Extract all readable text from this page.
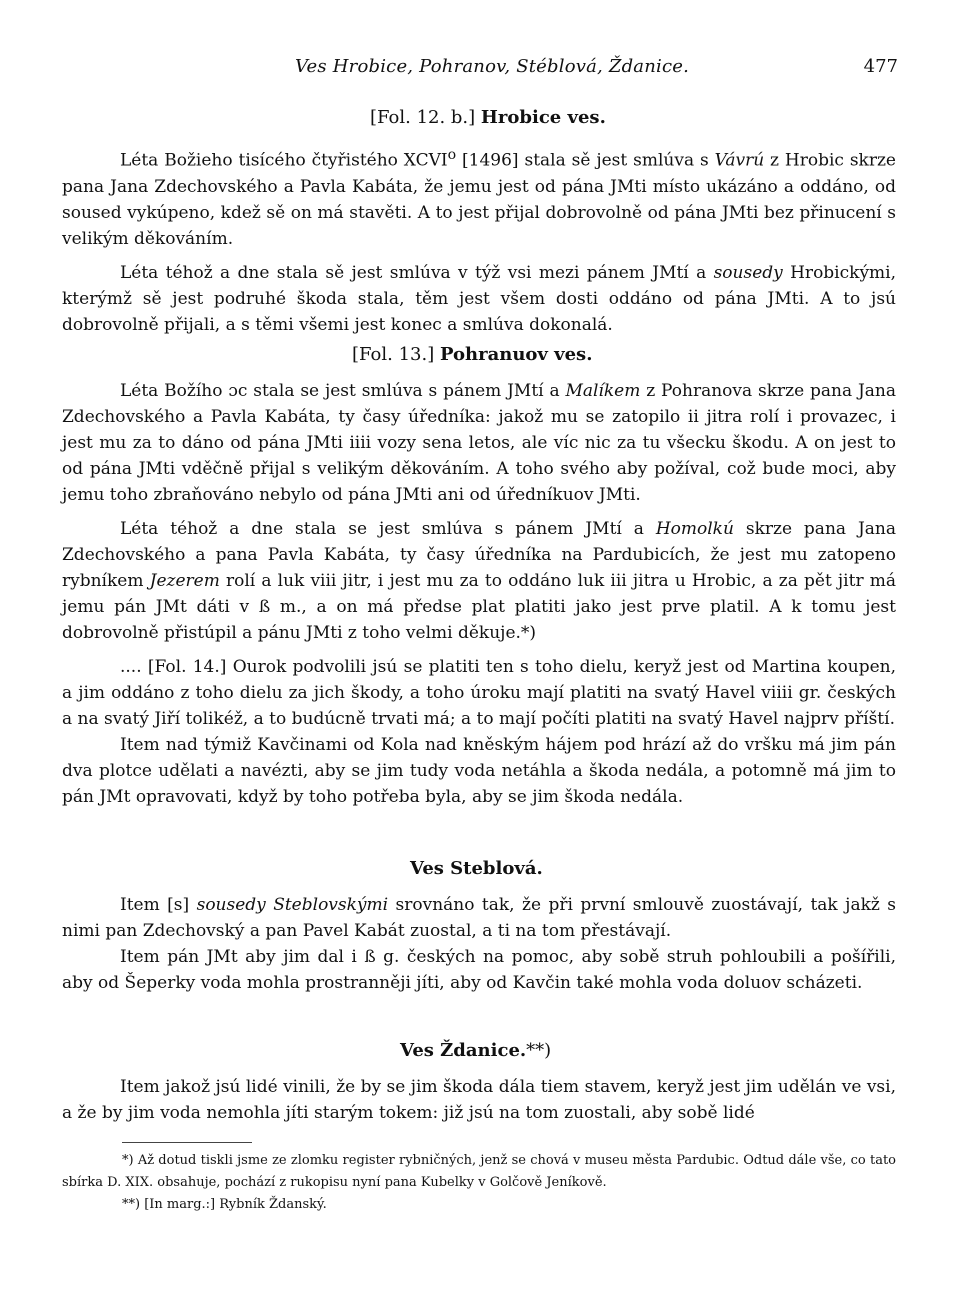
Ves Hrobice, Pohranov, Stéblová, Ždanice.	477
[Fol. 12. b.] Hrobice ves.

Léta Božieho tisícého čtyřistého XCVI$^o$ [1496] stala sě jest smlúva s Vávrú z Hrobic skrze pana Jana Zdechovského a Pavla Kabáta, že jemu jest od pána JMti místo ukázáno a oddáno, od soused vykúpeno, kdež sě on má stavěti. A to jest přijal dobrovolně od pána JMti bez přinucení s velikým děkováním.

Léta téhož a dne stala sě jest smlúva v týž vsi mezi pánem JMtí a sousedy Hrobickými, kterýmž sě jest podruhé škoda stala, těm jest všem dosti oddáno od pána JMti. A to jsú dobrovolně přijali, a s těmi všemi jest konec a smlúva dokonalá.

[Fol. 13.] Pohranuov ves.

Léta Božího ɔc stala se jest smlúva s pánem JMtí a Malíkem z Pohranova skrze pana Jana Zdechovského a Pavla Kabáta, ty časy úředníka: jakož mu se zatopilo ii jitra rolí i provazec, i jest mu za to dáno od pána JMti iiii vozy sena letos, ale víc nic za tu všecku škodu. A on jest to od pána JMti vděčně přijal s velikým děkováním. A toho svého aby požíval, což bude moci, aby jemu toho zbraňováno nebylo od pána JMti ani od úředníkuov JMti.

Léta téhož a dne stala se jest smlúva s pánem JMtí a Homolkú skrze pana Jana Zdechovského a pana Pavla Kabáta, ty časy úředníka na Pardubicích, že jest mu zatopeno rybníkem Jezerem rolí a luk viii jitr, i jest mu za to oddáno luk iii jitra u Hrobic, a za pět jitr má jemu pán JMt dáti v ß m., a on má předse plat platiti jako jest prve platil. A k tomu jest dobrovolně přistúpil a pánu JMti z toho velmi děkuje.*)

.... [Fol. 14.] Ourok podvolili jsú se platiti ten s toho dielu, keryž jest od Martina koupen, a jim oddáno z toho dielu za jich škody, a toho úroku mají platiti na svatý Havel viiii gr. českých a na svatý Jiří tolikéž, a to budúcně trvati má; a to mají počíti platiti na svatý Havel najprv příští.

Item nad týmiž Kavčinami od Kola nad kněským hájem pod hrází až do vršku má jim pán dva plotce udělati a navézti, aby se jim tudy voda netáhla a škoda nedála, a potomně má jim to pán JMt opravovati, když by toho potřeba byla, aby se jim škoda nedála.

Ves Steblová.

Item [s] sousedy Steblovskými srovnáno tak, že při první smlouvě zuostávají, tak jakž s nimi pan Zdechovský a pan Pavel Kabát zuostal, a ti na tom přestávají.

Item pán JMt aby jim dal i ß g. českých na pomoc, aby sobě struh pohloubili a pošířili, aby od Šeperky voda mohla prostranněji jíti, aby od Kavčin také mohla voda doluov scházeti.

Ves Ždanice.**)

Item jakož jsú lidé vinili, že by se jim škoda dála tiem stavem, keryž jest jim udělán ve vsi, a že by jim voda nemohla jíti starým tokem: již jsú na tom zuostali, aby sobě lidé

*) Až dotud tiskli jsme ze zlomku register rybničných, jenž se chová v museu města Pardubic. Odtud dále vše, co tato sbírka D. XIX. obsahuje, pochází z rukopisu nyní pana Kubelky v Golčově Jeníkově.

**) [In marg.:] Rybník Ždanský.
